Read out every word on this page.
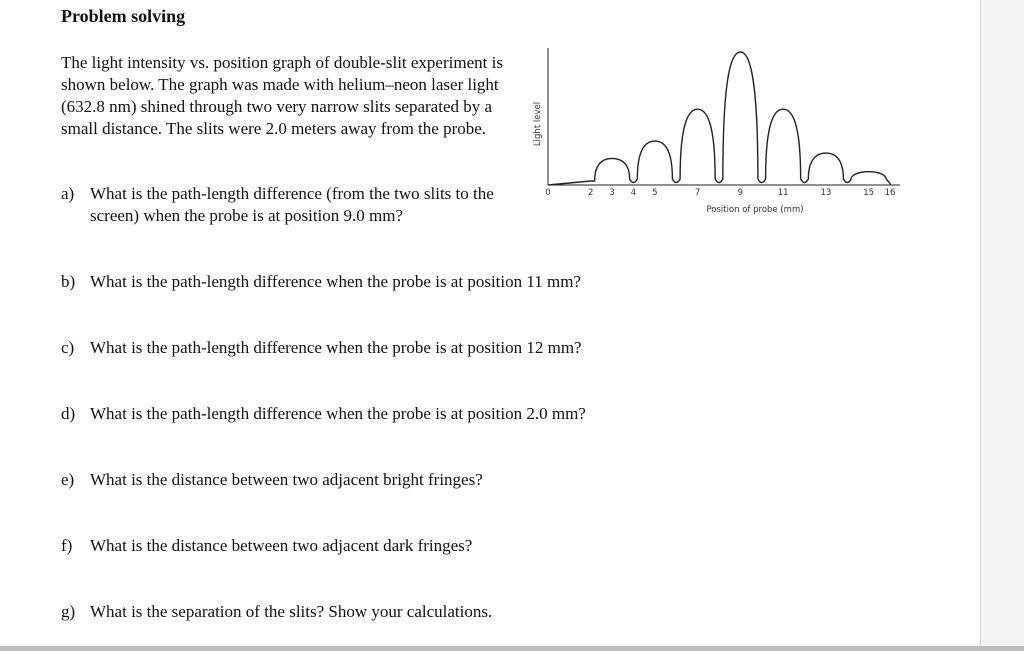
Problem solving

The light intensity vs. position graph of double-slit experiment is shown below. The graph was made with helium–neon laser light (632.8 nm) shined through two very narrow slits separated by a small distance. The slits were 2.0 meters away from the probe.

a) What is the path-length difference (from the two slits to the screen) when the probe is at position 9.0 mm?
b) What is the path-length difference when the probe is at position 11 mm?
c) What is the path-length difference when the probe is at position 12 mm?
d) What is the path-length difference when the probe is at position 2.0 mm?
e) What is the distance between two adjacent bright fringes?
f)	What is the distance between two adjacent dark fringes?
g) What is the separation of the slits? Show your calculations.
Light level
Position of probe (mm)
0	2 3 4 5	7	9	11	13	15 16
